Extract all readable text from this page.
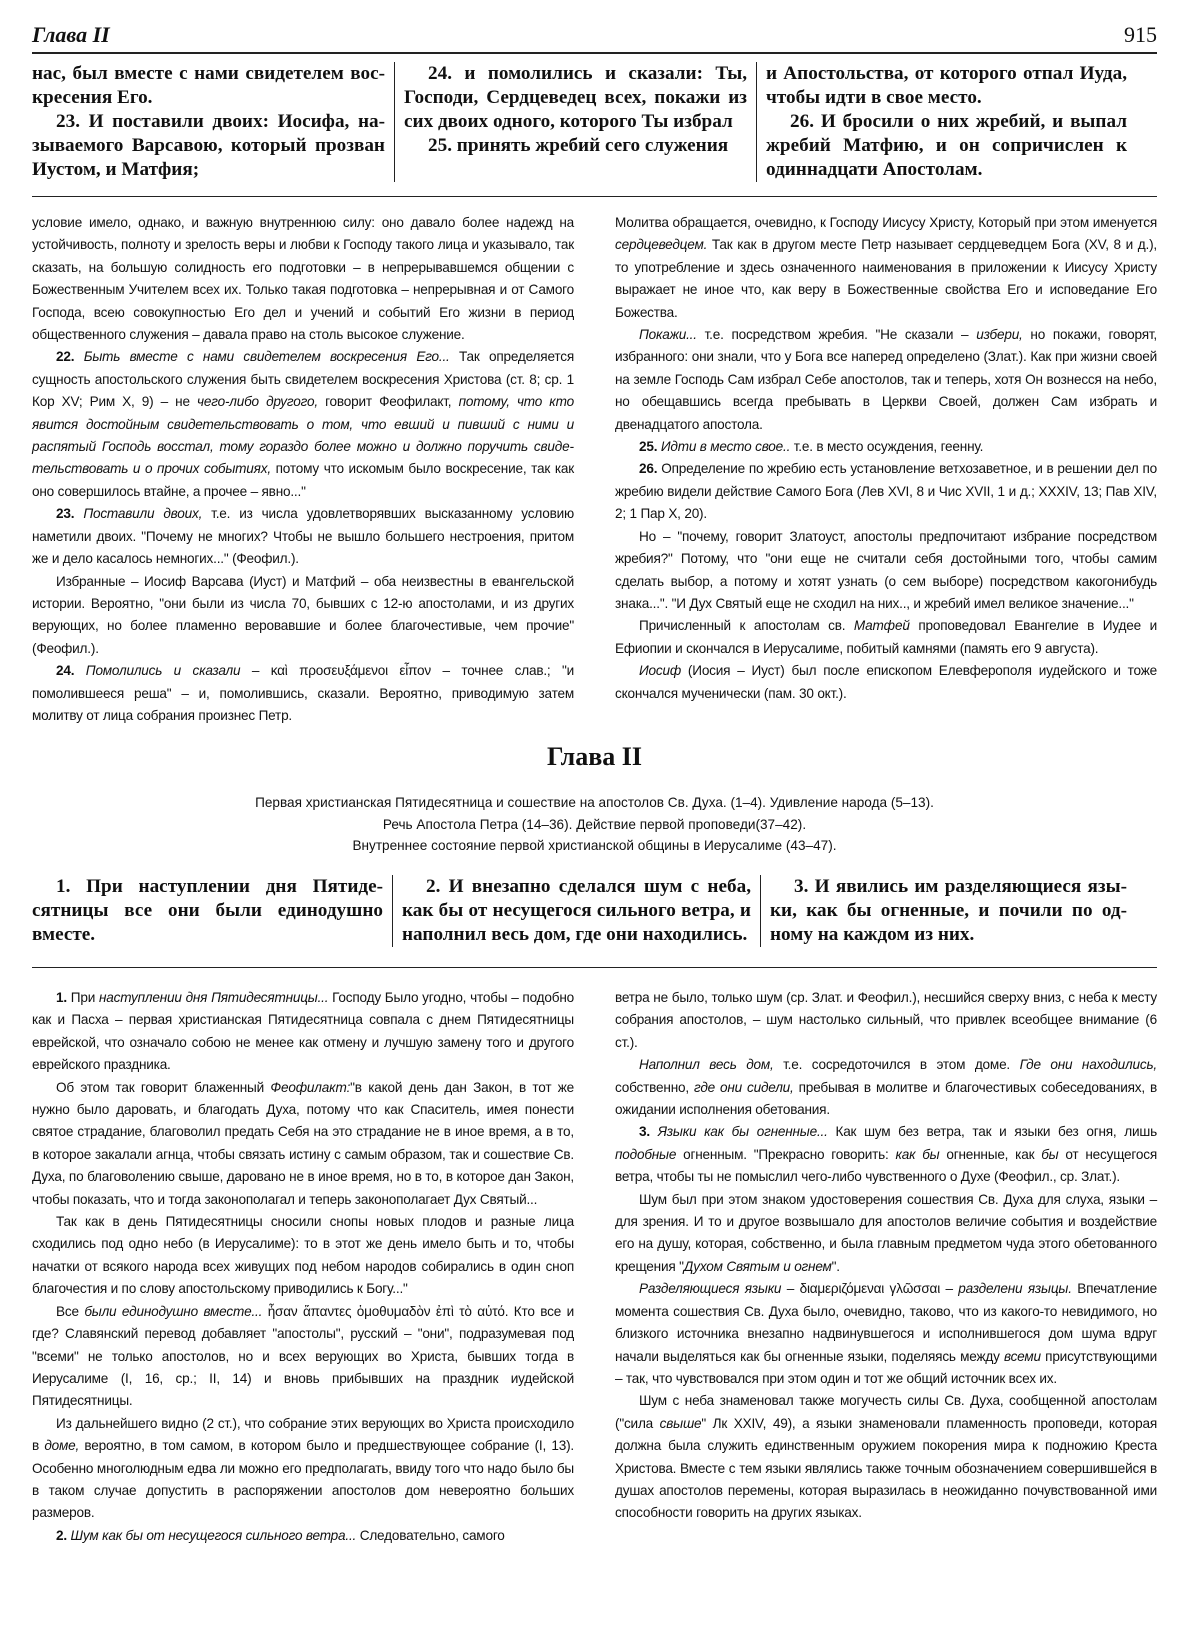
Глава II	915

нас, был вместе с нами свидетелем воскресения Его.

23. И поставили двоих: Иосифа, называемого Варсавою, который прозван Иустом, и Матфия;

24. и помолились и сказали: Ты, Господи, Сердцеведец всех, покажи из сих двоих одного, которого Ты избрал

25. принять жребий сего служения

и Апостольства, от которого отпал Иуда, чтобы идти в свое место.

26. И бросили о них жребий, и выпал жребий Матфию, и он сопричислен к одиннадцати Апостолам.

условие имело, однако, и важную внутреннюю силу: оно давало более надежд на устойчивость, полноту и зрелость веры и любви к Господу такого лица и указывало, так сказать, на большую солидность его подготовки – в непрерывавшемся общении с Божественным Учителем всех их. Только такая подготовка – непрерывная и от Самого Господа, всею совокупностью Его дел и учений и событий Его жизни в период общественного служения – давала право на столь высокое служение.

22. Быть вместе с нами свидетелем воскресения Его... Так определяется сущность апостольского служения быть свидетелем воскресения Христова (ст. 8; ср. 1 Кор XV; Рим X, 9) – не чего-либо другого, говорит Феофилакт, потому, что кто явится достойным свидетельствовать о том, что евший и пивший с ними и распятый Господь восстал, тому гораздо более можно и должно поручить свидетельствовать и о прочих событиях, потому что искомым было воскресение, так как оно совершилось втайне, а прочее – явно..."

23. Поставили двоих, т.е. из числа удовлетворявших высказанному условию наметили двоих. "Почему не многих? Чтобы не вышло большего нестроения, притом же и дело касалось немногих..." (Феофил.).

Избранные – Иосиф Варсава (Иуст) и Матфий – оба неизвестны в евангельской истории. Вероятно, "они были из числа 70, бывших с 12-ю апостолами, и из других верующих, но более пламенно веровавшие и более благочестивые, чем прочие" (Феофил.).

24. Помолились и сказали – καὶ προσευξάμενοι εἶπον – точнее слав.; "и помолившееся реша" – и, помолившись, сказали. Вероятно, приводимую затем молитву от лица собрания произнес Петр.

Молитва обращается, очевидно, к Господу Иисусу Христу, Который при этом именуется сердцеведцем. Так как в другом месте Петр называет сердцеведцем Бога (XV, 8 и д.), то употребление и здесь означенного наименования в приложении к Иисусу Христу выражает не иное что, как веру в Божественные свойства Его и исповедание Его Божества.

Покажи... т.е. посредством жребия. "Не сказали – избери, но покажи, говорят, избранного: они знали, что у Бога все наперед определено (Злат.). Как при жизни своей на земле Господь Сам избрал Себе апостолов, так и теперь, хотя Он вознесся на небо, но обещавшись всегда пребывать в Церкви Своей, должен Сам избрать и двенадцатого апостола.

25. Идти в место свое.. т.е. в место осуждения, геенну.

26. Определение по жребию есть установление ветхозаветное, и в решении дел по жребию видели действие Самого Бога (Лев XVI, 8 и Чис XVII, 1 и д.; XXXIV, 13; Пав XIV, 2; 1 Пар X, 20).

Но – "почему, говорит Златоуст, апостолы предпочитают избрание посредством жребия?" Потому, что "они еще не считали себя достойными того, чтобы самим сделать выбор, а потому и хотят узнать (о сем выборе) посредством какогонибудь знака...". "И Дух Святый еще не сходил на них.., и жребий имел великое значение..."

Причисленный к апостолам св. Матфей проповедовал Евангелие в Иудее и Ефиопии и скончался в Иерусалиме, побитый камнями (память его 9 августа).

Иосиф (Иосия – Иуст) был после епископом Елевферополя иудейского и тоже скончался мученически (пам. 30 окт.).

Глава II
Первая христианская Пятидесятница и сошествие на апостолов Св. Духа. (1–4). Удивление народа (5–13).
Речь Апостола Петра (14–36). Действие первой проповеди(37–42).
Внутреннее состояние первой христианской общины в Иерусалиме (43–47).

1. При наступлении дня Пятидесятницы все они были единодушно вместе.

2. И внезапно сделался шум с неба, как бы от несущегося сильного ветра, и наполнил весь дом, где они находились.

3. И явились им разделяющиеся языки, как бы огненные, и почили по одному на каждом из них.

1. При наступлении дня Пятидесятницы... Господу Было угодно, чтобы – подобно как и Пасха – первая христианская Пятидесятница совпала с днем Пятидесятницы еврейской, что означало собою не менее как отмену и лучшую замену того и другого еврейского праздника.

Об этом так говорит блаженный Феофилакт:"в какой день дан Закон, в тот же нужно было даровать, и благодать Духа, потому что как Спаситель, имея понести святое страдание, благоволил предать Себя на это страдание не в иное время, а в то, в которое закалали агнца, чтобы связать истину с самым образом, так и сошествие Св. Духа, по благоволению свыше, даровано не в иное время, но в то, в которое дан Закон, чтобы показать, что и тогда законополагал и теперь законополагает Дух Святый...

Так как в день Пятидесятницы сносили снопы новых плодов и разные лица сходились под одно небо (в Иерусалиме): то в этот же день имело быть и то, чтобы начатки от всякого народа всех живущих под небом народов собирались в один сноп благочестия и по слову апостольскому приводились к Богу..."

Все были единодушно вместе... ἦσαν ἅπαντες ὁμοθυμαδὸν ἐπὶ τὸ αὐτό. Кто все и где? Славянский перевод добавляет "апостолы", русский – "они", подразумевая под "всеми" не только апостолов, но и всех верующих во Христа, бывших тогда в Иерусалиме (I, 16, ср.; II, 14) и вновь прибывших на праздник иудейской Пятидесятницы.

Из дальнейшего видно (2 ст.), что собрание этих верующих во Христа происходило в доме, вероятно, в том самом, в котором было и предшествующее собрание (I, 13). Особенно многолюдным едва ли можно его предполагать, ввиду того что надо было бы в таком случае допустить в распоряжении апостолов дом невероятно больших размеров.

2. Шум как бы от несущегося сильного ветра... Следовательно, самого

ветра не было, только шум (ср. Злат. и Феофил.), несшийся сверху вниз, с неба к месту собрания апостолов, – шум настолько сильный, что привлек всеобщее внимание (6 ст.).

Наполнил весь дом, т.е. сосредоточился в этом доме. Где они находились, собственно, где они сидели, пребывая в молитве и благочестивых собеседованиях, в ожидании исполнения обетования.

3. Языки как бы огненные... Как шум без ветра, так и языки без огня, лишь подобные огненным. "Прекрасно говорить: как бы огненные, как бы от несущегося ветра, чтобы ты не помыслил чего-либо чувственного о Духе (Феофил., ср. Злат.).

Шум был при этом знаком удостоверения сошествия Св. Духа для слуха, языки – для зрения. И то и другое возвышало для апостолов величие события и воздействие его на душу, которая, собственно, и была главным предметом чуда этого обетованного крещения "Духом Святым и огнем".

Разделяющиеся языки – διαμεριζόμεναι γλῶσσαι – разделени языцы. Впечатление момента сошествия Св. Духа было, очевидно, таково, что из какого-то невидимого, но близкого источника внезапно надвинувшегося и исполнившегося дом шума вдруг начали выделяться как бы огненные языки, поделяясь между всеми присутствующими – так, что чувствовался при этом один и тот же общий источник всех их.

Шум с неба знаменовал также могучесть силы Св. Духа, сообщенной апостолам ("сила свыше" Лк XXIV, 49), а языки знаменовали пламенность проповеди, которая должна была служить единственным оружием покорения мира к подножию Креста Христова. Вместе с тем языки являлись также точным обозначением совершившейся в душах апостолов перемены, которая выразилась в неожиданно почувствованной ими способности говорить на других языках.
